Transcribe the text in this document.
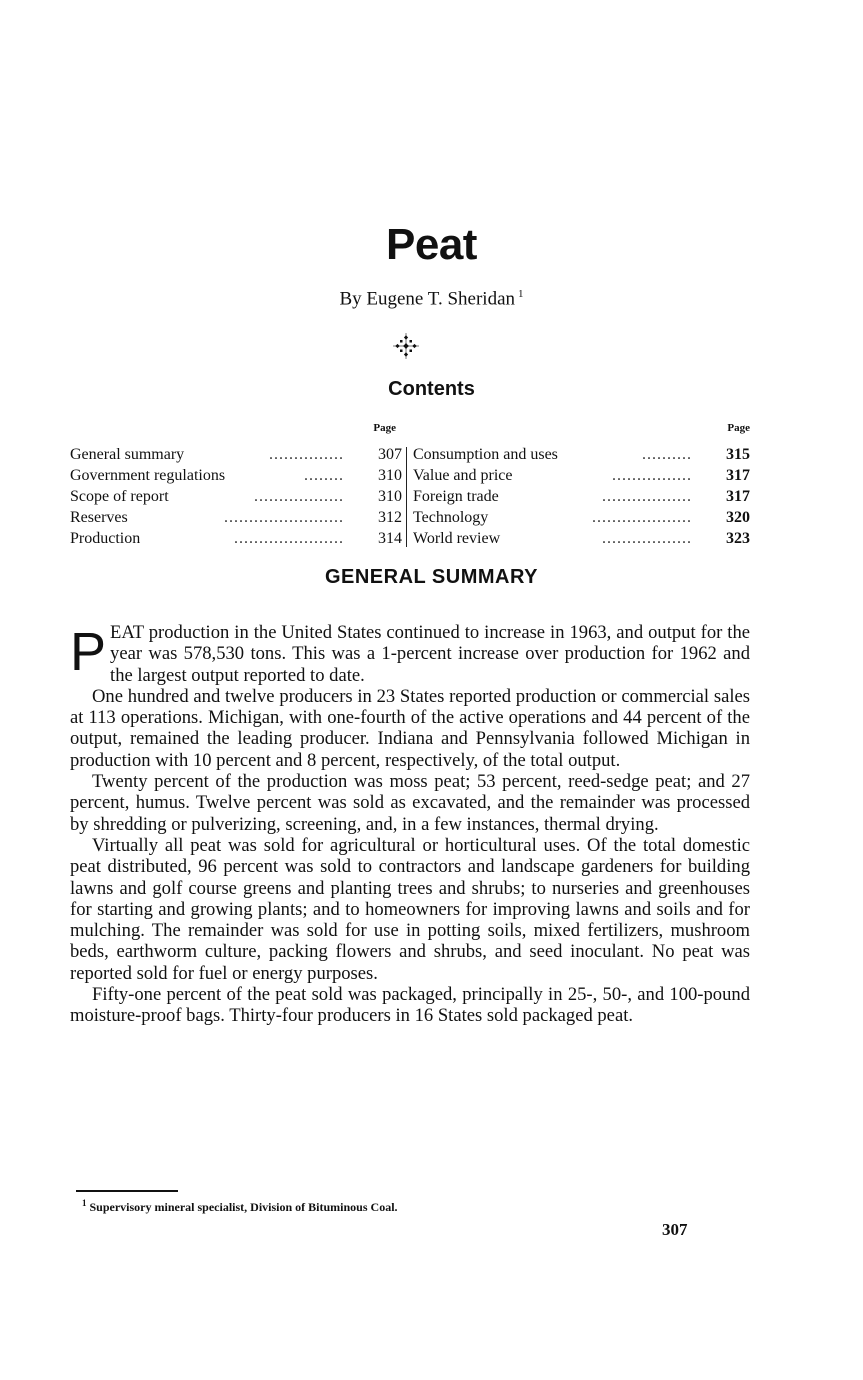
Peat
By Eugene T. Sheridan $^1$
Contents
Page
General summary	............... 307
Government regulations	........ 310
Scope of report	.................. 310
Reserves	........................ 312
Production	...................... 314
Page
Consumption and uses	.......... 315
Value and price	................ 317
Foreign trade	.................. 317
Technology	.................... 320
World review	.................. 323
GENERAL SUMMARY

PEAT production in the United States continued to increase in 1963, and output for the year was 578,530 tons. This was a 1-percent increase over production for 1962 and the largest output reported to date.

One hundred and twelve producers in 23 States reported production or commercial sales at 113 operations. Michigan, with one-fourth of the active operations and 44 percent of the output, remained the leading producer. Indiana and Pennsylvania followed Michigan in production with 10 percent and 8 percent, respectively, of the total output.

Twenty percent of the production was moss peat; 53 percent, reed-sedge peat; and 27 percent, humus. Twelve percent was sold as excavated, and the remainder was processed by shredding or pulverizing, screening, and, in a few instances, thermal drying.

Virtually all peat was sold for agricultural or horticultural uses. Of the total domestic peat distributed, 96 percent was sold to contractors and landscape gardeners for building lawns and golf course greens and planting trees and shrubs; to nurseries and greenhouses for starting and growing plants; and to homeowners for improving lawns and soils and for mulching. The remainder was sold for use in potting soils, mixed fertilizers, mushroom beds, earthworm culture, packing flowers and shrubs, and seed inoculant. No peat was reported sold for fuel or energy purposes.

Fifty-one percent of the peat sold was packaged, principally in 25-, 50-, and 100-pound moisture-proof bags. Thirty-four producers in 16 States sold packaged peat.

$^1$ Supervisory mineral specialist, Division of Bituminous Coal.
307
